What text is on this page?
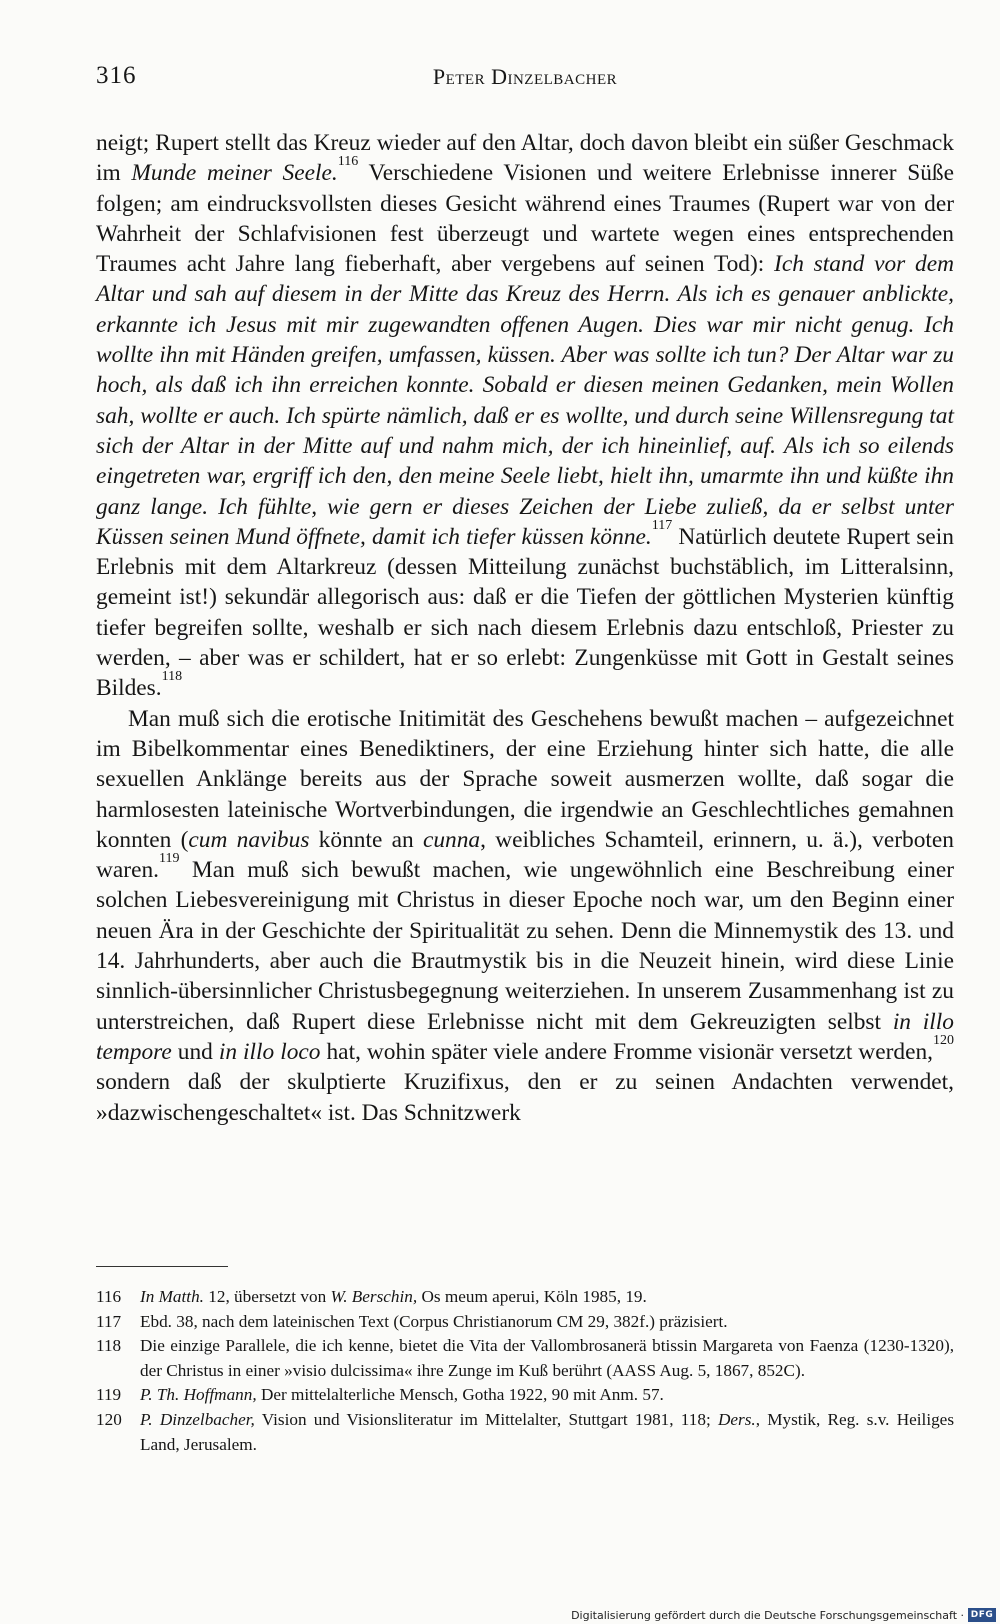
316	Peter Dinzelbacher

neigt; Rupert stellt das Kreuz wieder auf den Altar, doch davon bleibt ein süßer Geschmack im Munde meiner Seele.$^{116}$ Verschiedene Visionen und weitere Erlebnisse innerer Süße folgen; am eindrucksvollsten dieses Gesicht während eines Traumes (Rupert war von der Wahrheit der Schlafvisionen fest überzeugt und wartete wegen eines entsprechenden Traumes acht Jahre lang fieberhaft, aber vergebens auf seinen Tod): Ich stand vor dem Altar und sah auf diesem in der Mitte das Kreuz des Herrn. Als ich es genauer anblickte, erkannte ich Jesus mit mir zugewandten offenen Augen. Dies war mir nicht genug. Ich wollte ihn mit Händen greifen, umfassen, küssen. Aber was sollte ich tun? Der Altar war zu hoch, als daß ich ihn erreichen konnte. Sobald er diesen meinen Gedanken, mein Wollen sah, wollte er auch. Ich spürte nämlich, daß er es wollte, und durch seine Willensregung tat sich der Altar in der Mitte auf und nahm mich, der ich hineinlief, auf. Als ich so eilends eingetreten war, ergriff ich den, den meine Seele liebt, hielt ihn, umarmte ihn und küßte ihn ganz lange. Ich fühlte, wie gern er dieses Zeichen der Liebe zuließ, da er selbst unter Küssen seinen Mund öffnete, damit ich tiefer küssen könne.$^{117}$ Natürlich deutete Rupert sein Erlebnis mit dem Altarkreuz (dessen Mitteilung zunächst buchstäblich, im Litteralsinn, gemeint ist!) sekundär allegorisch aus: daß er die Tiefen der göttlichen Mysterien künftig tiefer begreifen sollte, weshalb er sich nach diesem Erlebnis dazu entschloß, Priester zu werden, – aber was er schildert, hat er so erlebt: Zungenküsse mit Gott in Gestalt seines Bildes.$^{118}$

Man muß sich die erotische Initimität des Geschehens bewußt machen – aufgezeichnet im Bibelkommentar eines Benediktiners, der eine Erziehung hinter sich hatte, die alle sexuellen Anklänge bereits aus der Sprache soweit ausmerzen wollte, daß sogar die harmlosesten lateinische Wortverbindungen, die irgendwie an Geschlechtliches gemahnen konnten (cum navibus könnte an cunna, weibliches Schamteil, erinnern, u. ä.), verboten waren.$^{119}$ Man muß sich bewußt machen, wie ungewöhnlich eine Beschreibung einer solchen Liebesvereinigung mit Christus in dieser Epoche noch war, um den Beginn einer neuen Ära in der Geschichte der Spiritualität zu sehen. Denn die Minnemystik des 13. und 14. Jahrhunderts, aber auch die Brautmystik bis in die Neuzeit hinein, wird diese Linie sinnlich-übersinnlicher Christusbegegnung weiterziehen. In unserem Zusammenhang ist zu unterstreichen, daß Rupert diese Erlebnisse nicht mit dem Gekreuzigten selbst in illo tempore und in illo loco hat, wohin später viele andere Fromme visionär versetzt werden,$^{120}$ sondern daß der skulptierte Kruzifixus, den er zu seinen Andachten verwendet, »dazwischengeschaltet« ist. Das Schnitzwerk

116 In Matth. 12, übersetzt von W. Berschin, Os meum aperui, Köln 1985, 19.
117 Ebd. 38, nach dem lateinischen Text (Corpus Christianorum CM 29, 382f.) präzisiert.
118 Die einzige Parallele, die ich kenne, bietet die Vita der Vallombrosanerä btissin Margareta von Faenza (1230-1320), der Christus in einer »visio dulcissima« ihre Zunge im Kuß berührt (AASS Aug. 5, 1867, 852C).
119 P. Th. Hoffmann, Der mittelalterliche Mensch, Gotha 1922, 90 mit Anm. 57.
120 P. Dinzelbacher, Vision und Visionsliteratur im Mittelalter, Stuttgart 1981, 118; Ders., Mystik, Reg. s.v. Heiliges Land, Jerusalem.
Digitalisierung gefördert durch die Deutsche Forschungsgemeinschaft · DFG
